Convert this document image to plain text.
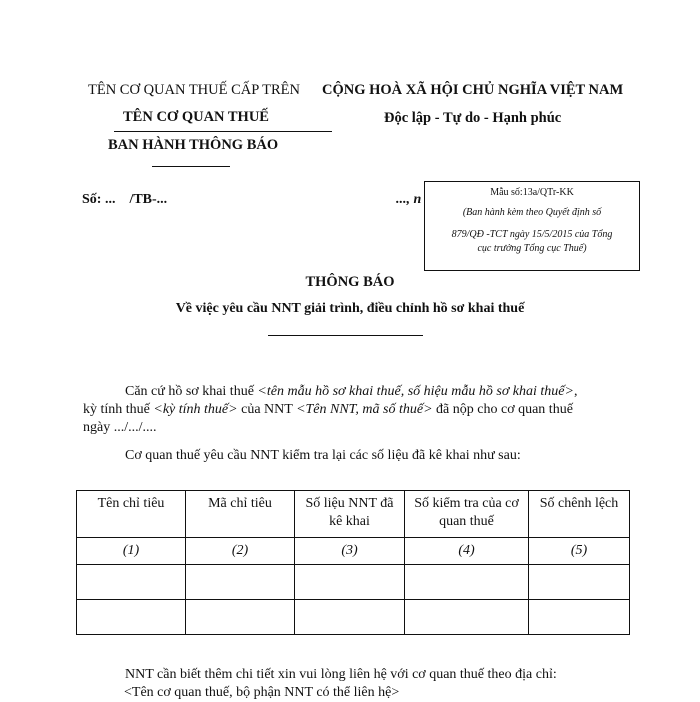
TÊN CƠ QUAN THUẾ CẤP TRÊN
TÊN CƠ QUAN THUẾ
BAN HÀNH THÔNG BÁO
CỘNG HOÀ XÃ HỘI CHỦ NGHĨA VIỆT NAM
Độc lập - Tự do - Hạnh phúc
Số: ...    /TB-...	..., n	Mẫu số:13a/QTr-KK
(Ban hành kèm theo Quyết định số
879/QĐ -TCT ngày 15/5/2015 của Tổng
cục trưởng Tổng cục Thuế)
THÔNG BÁO
Về việc yêu cầu NNT giải trình, điều chỉnh hồ sơ khai thuế
Căn cứ hồ sơ khai thuế <tên mẫu hồ sơ khai thuế, số hiệu mẫu hồ sơ khai thuế>,
kỳ tính thuế <kỳ tính thuế> của NNT <Tên NNT, mã số thuế> đã nộp cho cơ quan thuế
ngày .../.../....
Cơ quan thuế yêu cầu NNT kiểm tra lại các số liệu đã kê khai như sau:
Tên chỉ tiêu	Mã chỉ tiêu	Số liệu NNT đã kê khai	Số kiểm tra của cơ quan thuế	Số chênh lệch
(1)	(2)	(3)	(4)	(5)

NNT cần biết thêm chi tiết xin vui lòng liên hệ với cơ quan thuế theo địa chỉ:
<Tên cơ quan thuế, bộ phận NNT có thể liên hệ>
